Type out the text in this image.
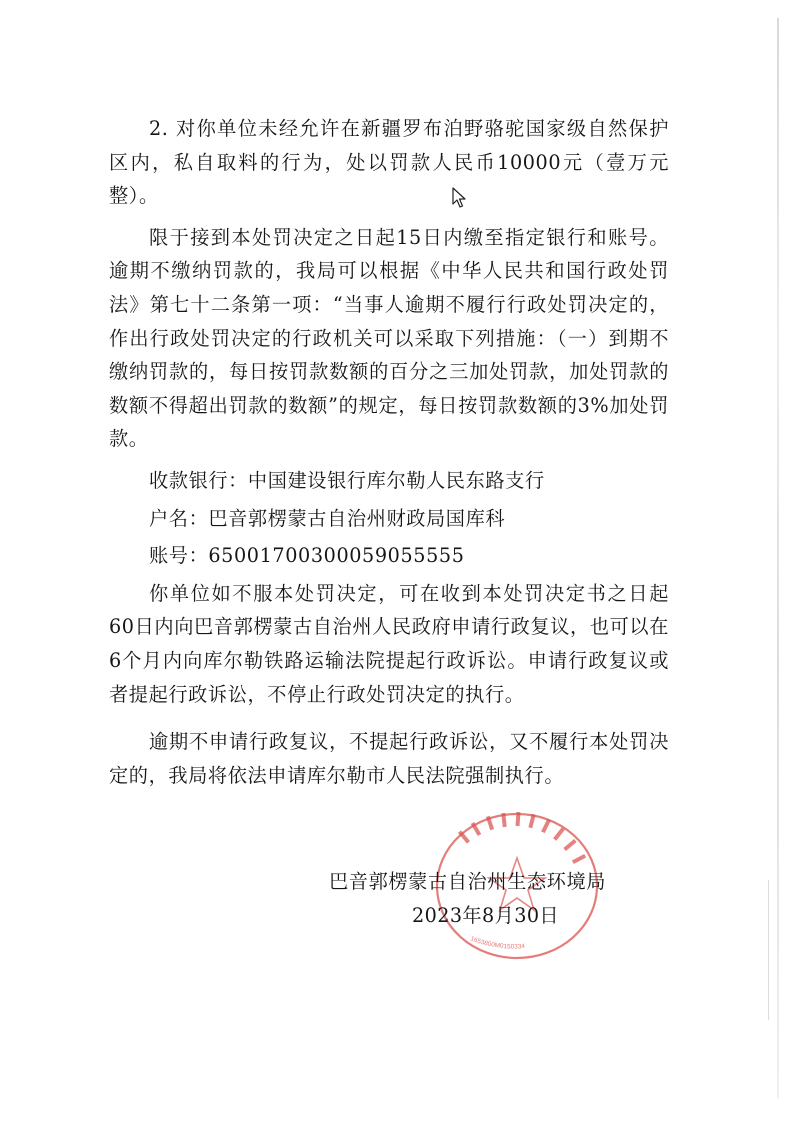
2. 对你单位未经允许在新疆罗布泊野骆驼国家级自然保护区内，私自取料的行为，处以罚款人民币10000元（壹万元整）。

限于接到本处罚决定之日起15日内缴至指定银行和账号。逾期不缴纳罚款的，我局可以根据《中华人民共和国行政处罚法》第七十二条第一项：“当事人逾期不履行行政处罚决定的，作出行政处罚决定的行政机关可以采取下列措施：（一）到期不缴纳罚款的，每日按罚款数额的百分之三加处罚款，加处罚款的数额不得超出罚款的数额”的规定，每日按罚款数额的3%加处罚款。

收款银行：中国建设银行库尔勒人民东路支行

户名：巴音郭楞蒙古自治州财政局国库科

账号：65001700300059055555

你单位如不服本处罚决定，可在收到本处罚决定书之日起60日内向巴音郭楞蒙古自治州人民政府申请行政复议，也可以在6个月内向库尔勒铁路运输法院提起行政诉讼。申请行政复议或者提起行政诉讼，不停止行政处罚决定的执行。

逾期不申请行政复议，不提起行政诉讼，又不履行本处罚决定的，我局将依法申请库尔勒市人民法院强制执行。

1653800M0150334
巴音郭楞蒙古自治州生态环境局
2023年8月30日
